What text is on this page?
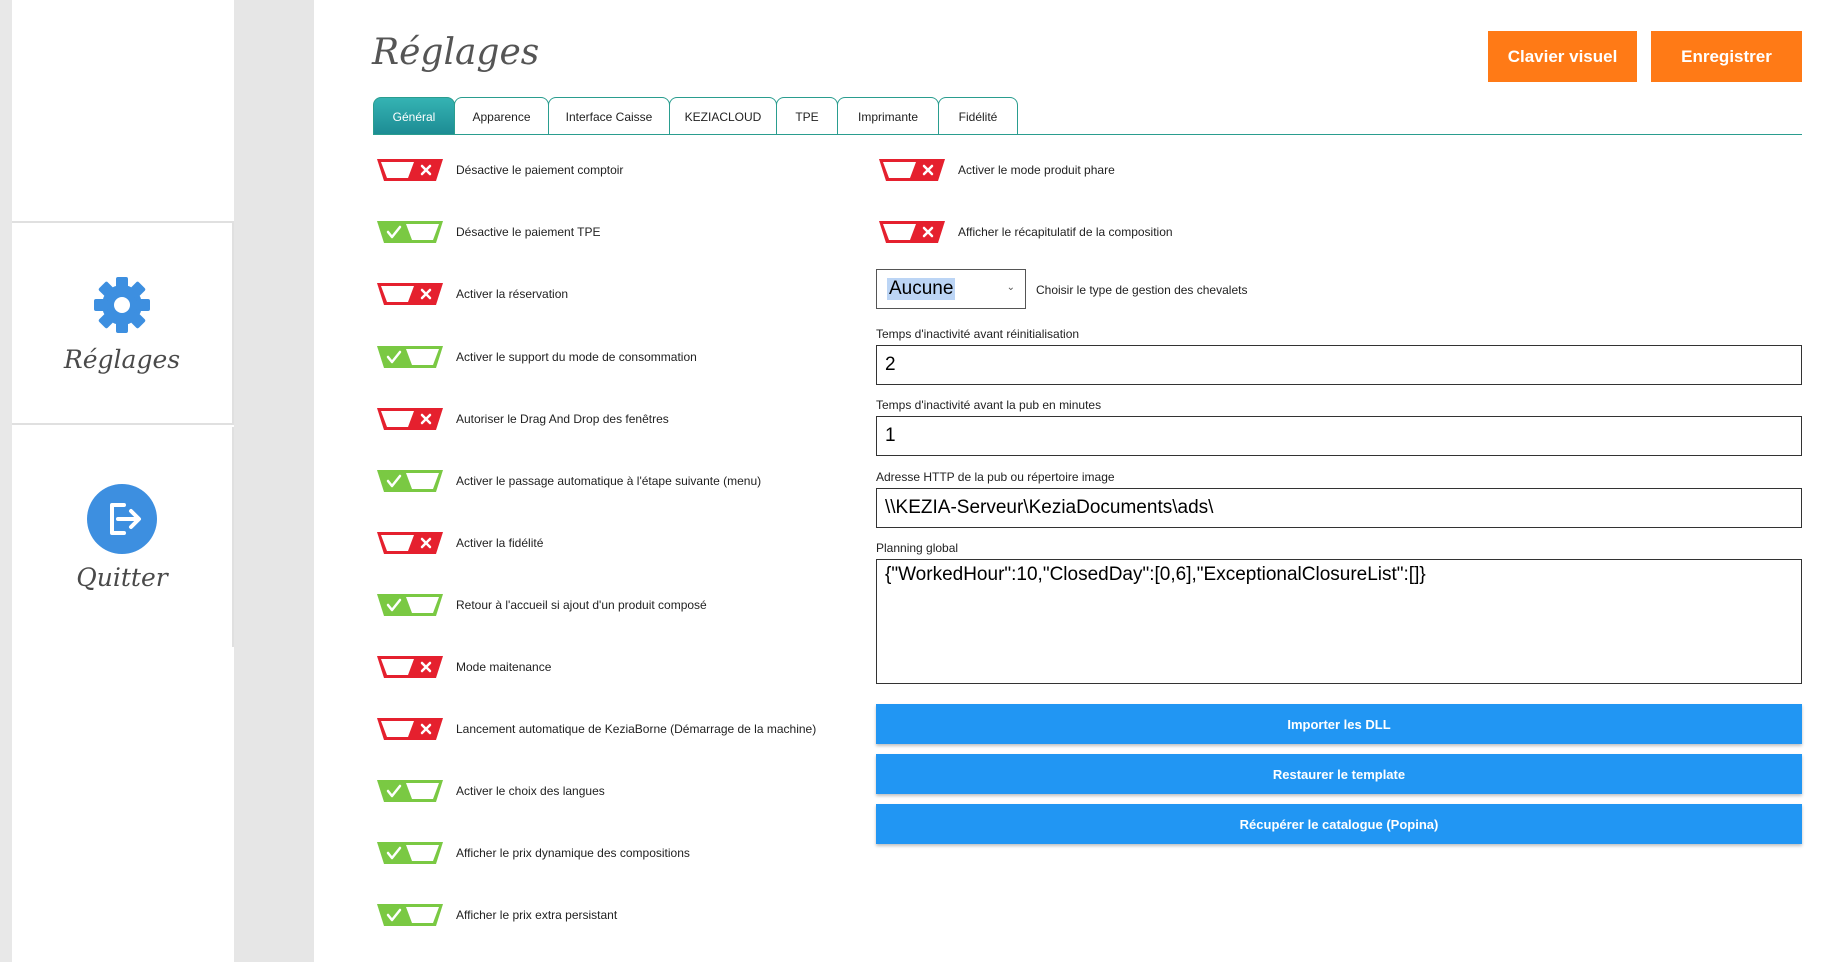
Réglages
Quitter
Réglages	Clavier visuel	Enregistrer
Général	Apparence	Interface Caisse	KEZIACLOUD	TPE	Imprimante	Fidélité
Désactive le paiement comptoir
Désactive le paiement TPE
Activer la réservation
Activer le support du mode de consommation
Autoriser le Drag And Drop des fenêtres
Activer le passage automatique à l'étape suivante (menu)
Activer la fidélité
Retour à l'accueil si ajout d'un produit composé
Mode maitenance
Lancement automatique de KeziaBorne (Démarrage de la machine)
Activer le choix des langues
Afficher le prix dynamique des compositions
Afficher le prix extra persistant
Activer le mode produit phare
Afficher le récapitulatif de la composition
Aucune	⌄ Choisir le type de gestion des chevalets
Temps d'inactivité avant réinitialisation
2
Temps d'inactivité avant la pub en minutes
1
Adresse HTTP de la pub ou répertoire image
\\KEZIA-Serveur\KeziaDocuments\ads\
Planning global
{"WorkedHour":10,"ClosedDay":[0,6],"ExceptionalClosureList":[]}
Importer les DLL
Restaurer le template
Récupérer le catalogue (Popina)
